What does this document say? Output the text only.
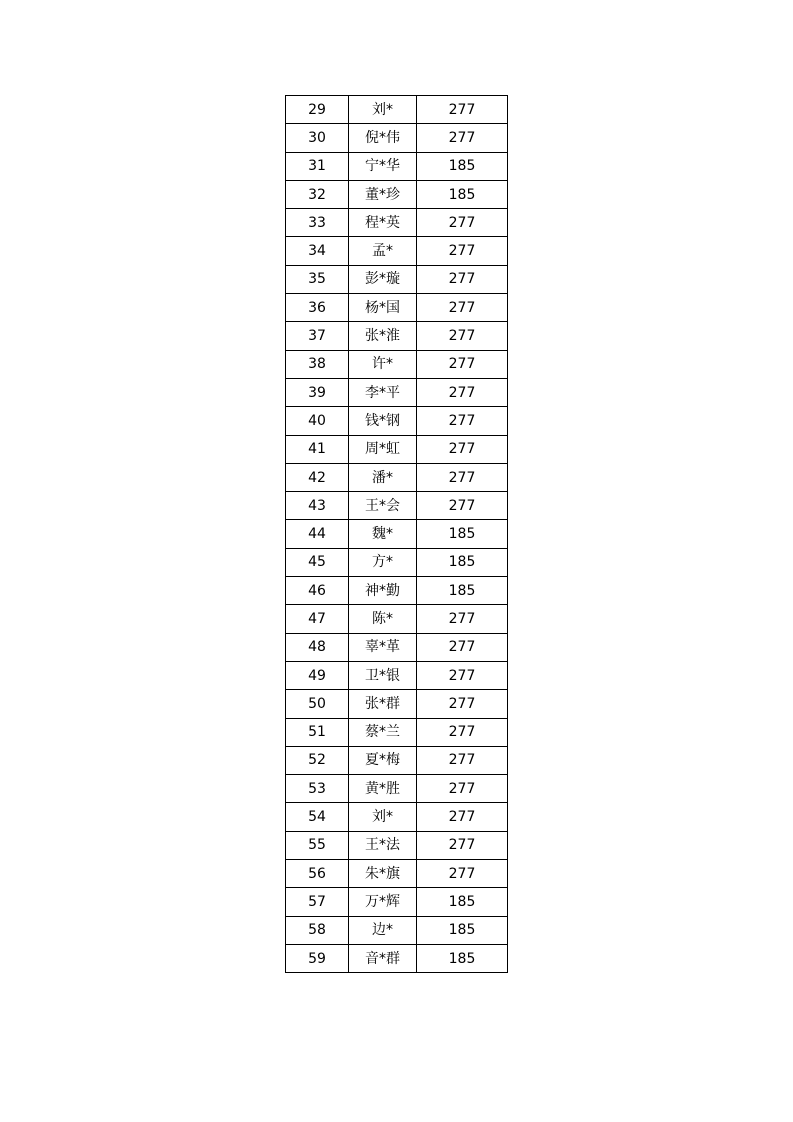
29	刘*	277
30	倪*伟	277
31	宁*华	185
32	董*珍	185
33	程*英	277
34	孟*	277
35	彭*璇	277
36	杨*国	277
37	张*淮	277
38	许*	277
39	李*平	277
40	钱*钢	277
41	周*虹	277
42	潘*	277
43	王*会	277
44	魏*	185
45	方*	185
46	神*勤	185
47	陈*	277
48	辜*革	277
49	卫*银	277
50	张*群	277
51	蔡*兰	277
52	夏*梅	277
53	黄*胜	277
54	刘*	277
55	王*法	277
56	朱*旗	277
57	万*辉	185
58	边*	185
59	音*群	185
